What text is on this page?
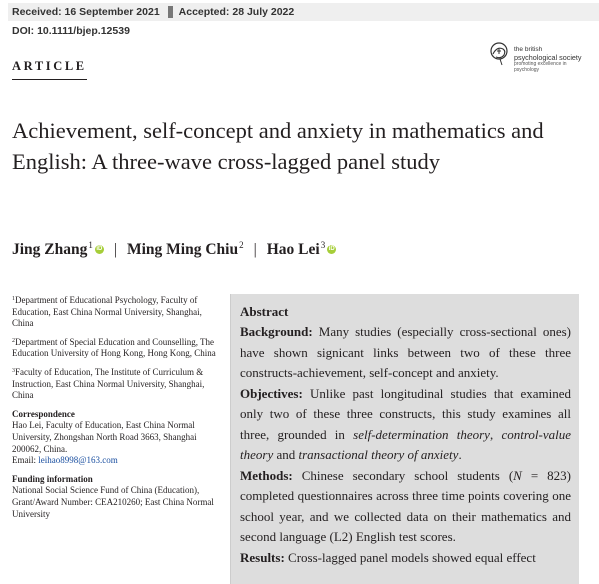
Received: 16 September 2021 Accepted: 28 July 2022
DOI: 10.1111/bjep.12539
ARTICLE
the british
psychological society
promoting excellence in psychology
Achievement, self-concept and anxiety in mathematics and English: A three-wave cross-lagged panel study
Jing Zhang$^1$ iD | Ming Ming Chiu$^2$ | Hao Lei$^3$ iD
$^1$Department of Educational Psychology, Faculty of Education, East China Normal University, Shanghai, China
$^2$Department of Special Education and Counselling, The Education University of Hong Kong, Hong Kong, China
$^3$Faculty of Education, The Institute of Curriculum & Instruction, East China Normal University, Shanghai, China
Correspondence
Hao Lei, Faculty of Education, East China Normal University, Zhongshan North Road 3663, Shanghai 200062, China.
Email: leihao8998@163.com
Funding information
National Social Science Fund of China (Education), Grant/Award Number: CEA210260; East China Normal University
Abstract

Background: Many studies (especially cross-sectional ones) have shown signicant links between two of these three constructs-achievement, self-concept and anxiety.

Objectives: Unlike past longitudinal studies that examined only two of these three constructs, this study examines all three, grounded in self-determination theory, control-value theory and transactional theory of anxiety.

Methods: Chinese secondary school students (N = 823) completed questionnaires across three time points covering one school year, and we collected data on their mathematics and second language (L2) English test scores.

Results: Cross-lagged panel models showed equal effect
